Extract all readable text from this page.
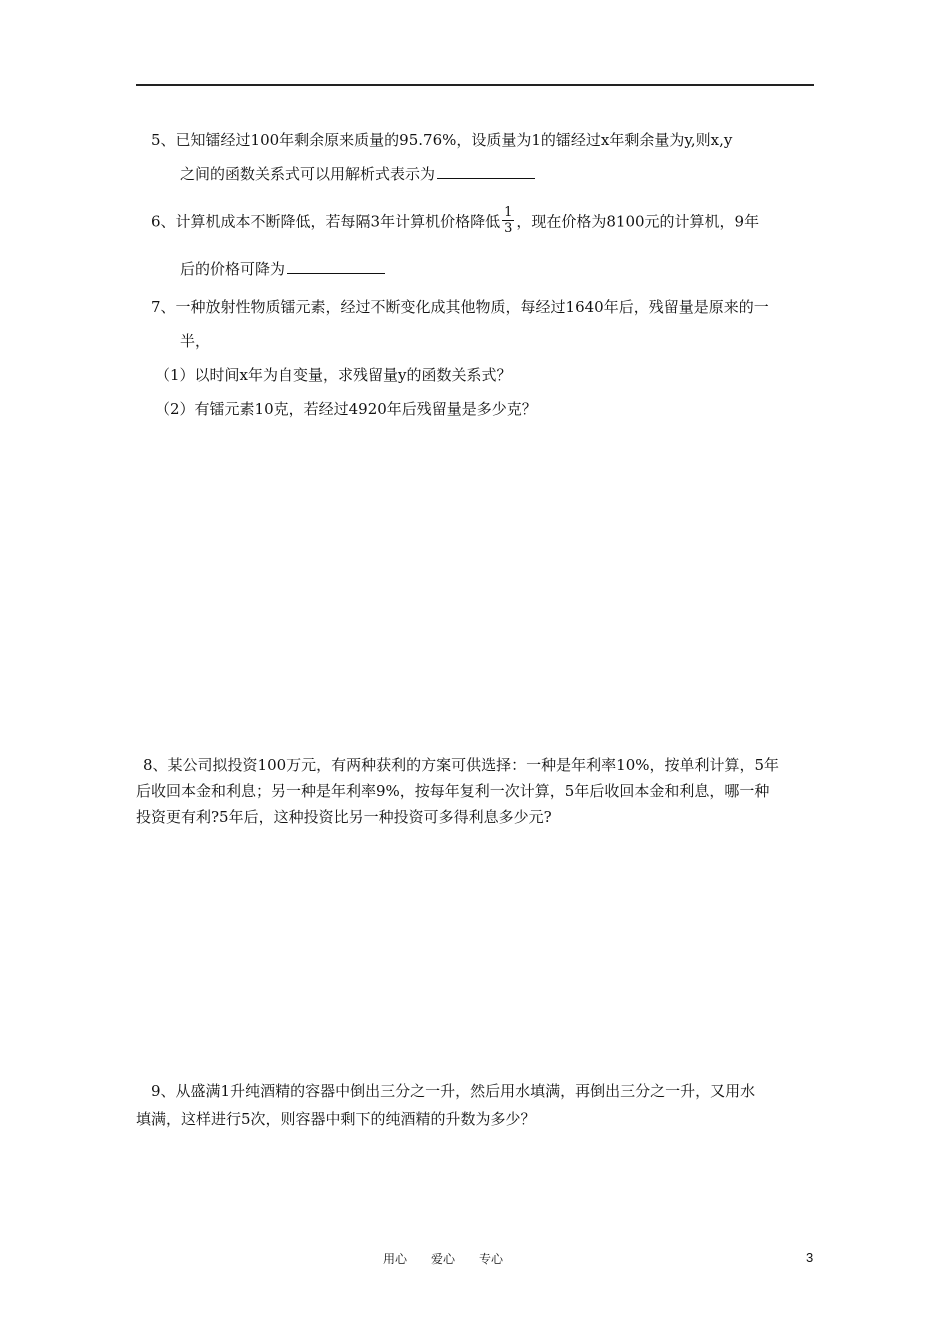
5、已知镭经过100年剩余原来质量的95.76%，设质量为1的镭经过x年剩余量为y,则x,y
之间的函数关系式可以用解析式表示为
6、计算机成本不断降低，若每隔3年计算机价格降低 $\frac{1}{3}$ ，现在价格为8100元的计算机，9年
后的价格可降为
7、一种放射性物质镭元素，经过不断变化成其他物质，每经过1640年后，残留量是原来的一
半，
（1）以时间x年为自变量，求残留量y的函数关系式？
（2）有镭元素10克，若经过4920年后残留量是多少克？
8、某公司拟投资100万元，有两种获利的方案可供选择：一种是年利率10%，按单利计算，5年
后收回本金和利息；另一种是年利率9%，按每年复利一次计算，5年后收回本金和利息，哪一种
投资更有利?5年后，这种投资比另一种投资可多得利息多少元?
9、从盛满1升纯酒精的容器中倒出三分之一升，然后用水填满，再倒出三分之一升，又用水
填满，这样进行5次，则容器中剩下的纯酒精的升数为多少？
用心　　爱心　　专心	3
